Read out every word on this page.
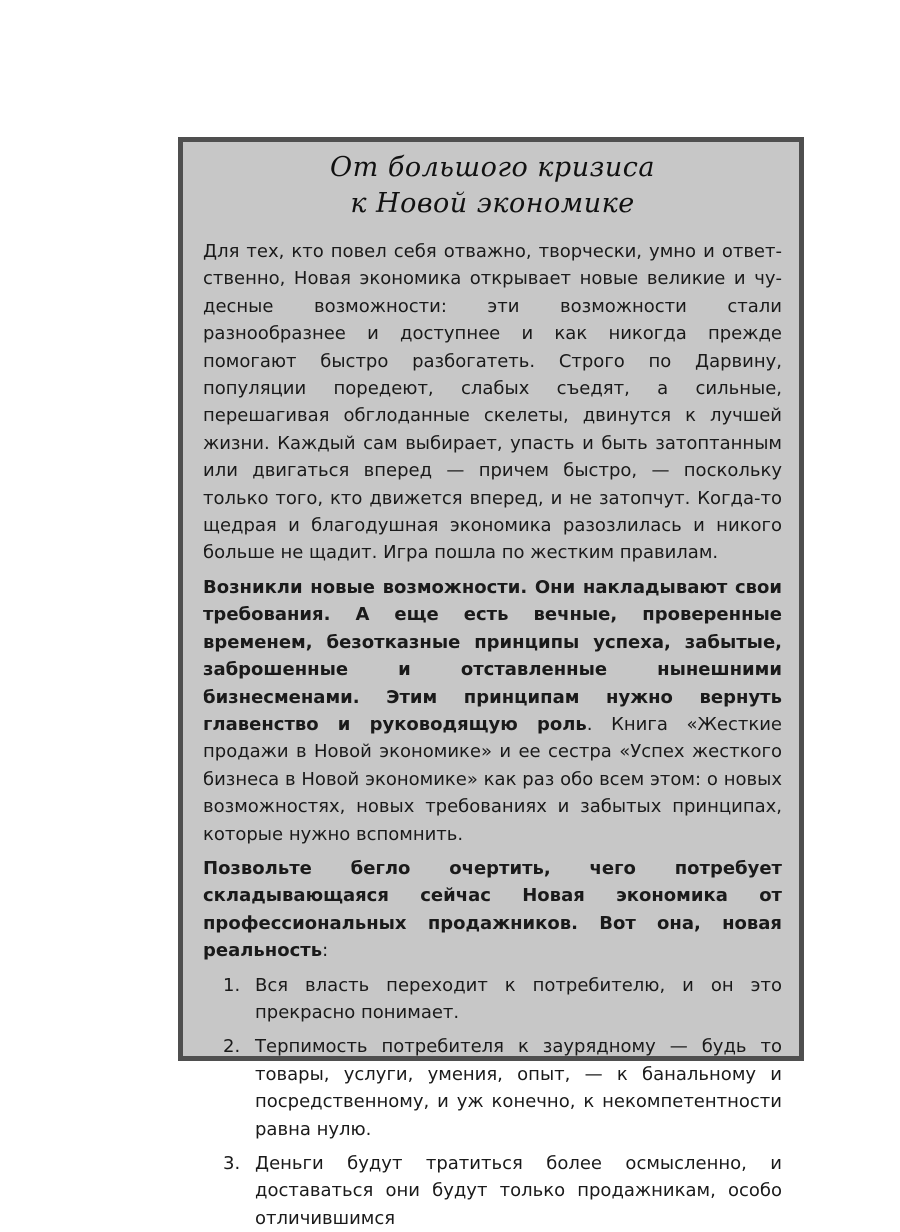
От большого кризиса
к Новой экономике

Для тех, кто повел себя отважно, творчески, умно и ответственно, Новая экономика открывает новые великие и чудесные возможности: эти возможности стали разнообразнее и доступнее и как никогда прежде помогают быстро разбогатеть. Строго по Дарвину, популяции поредеют, слабых съедят, а сильные, перешагивая обглоданные скелеты, двинутся к лучшей жизни. Каждый сам выбирает, упасть и быть затоптанным или двигаться вперед — причем быстро, — поскольку только того, кто движется вперед, и не затопчут. Когда-то щедрая и благодушная экономика разозлилась и никого больше не щадит. Игра пошла по жестким правилам.

Возникли новые возможности. Они накладывают свои требования. А еще есть вечные, проверенные временем, безотказные принципы успеха, забытые, заброшенные и отставленные нынешними бизнесменами. Этим принципам нужно вернуть главенство и руководящую роль. Книга «Жесткие продажи в Новой экономике» и ее сестра «Успех жесткого бизнеса в Новой экономике» как раз обо всем этом: о новых возможностях, новых требованиях и забытых принципах, которые нужно вспомнить.

Позвольте бегло очертить, чего потребует складывающаяся сейчас Новая экономика от профессиональных продажников. Вот она, новая реальность:

1. Вся власть переходит к потребителю, и он это прекрасно понимает.
2. Терпимость потребителя к заурядному — будь то товары, услуги, умения, опыт, — к банальному и посредственному, и уж конечно, к некомпетентности равна нулю.
3. Деньги будут тратиться более осмысленно, и доставаться они будут только продажникам, особо отличившимся
